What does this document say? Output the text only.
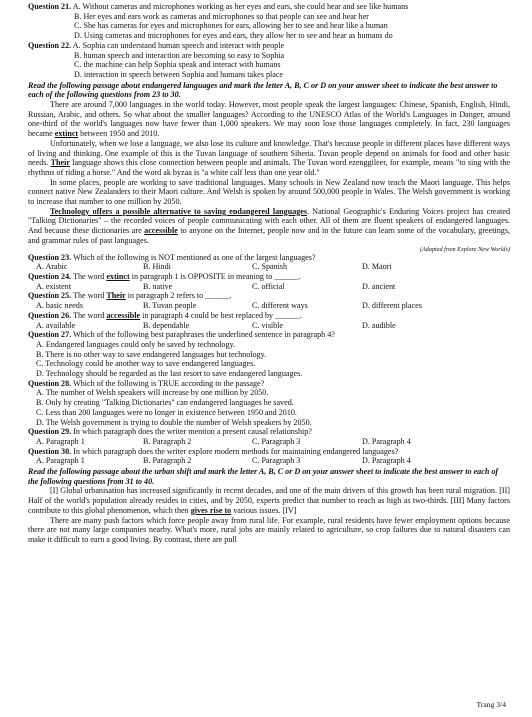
Question 21. A. Without cameras and microphones working as her eyes and ears, she could hear and see like humans
B. Her eyes and ears work as cameras and microphones so that people can see and hear her
C. She has cameras for eyes and microphones for ears, allowing her to see and hear like a human
D. Using cameras and microphones for eyes and ears, they allow her to see and hear as humans do
Question 22. A. Sophia can understand human speech and interact with people
B. human speech and interaction are becoming so easy to Sophia
C. the machine can help Sophia speak and interact with humans
D. interaction in speech between Sophia and humans takes place

Read the following passage about endangered languages and mark the letter A, B, C or D on your answer sheet to indicate the best answer to each of the following questions from 23 to 30.

There are around 7,000 languages in the world today. However, most people speak the largest languages: Chinese, Spanish, English, Hindi, Russian, Arabic, and others. So what about the smaller languages? According to the UNESCO Atlas of the World's Languages in Danger, around one-third of the world's languages now have fewer than 1,000 speakers. We may soon lose those languages completely. In fact, 230 languages became extinct between 1950 and 2010.

Unfortunately, when we lose a language, we also lose its culture and knowledge. That's because people in different places have different ways of living and thinking. One example of this is the Tuvan language of southern Siberia. Tuvan people depend on animals for food and other basic needs. Their language shows this close connection between people and animals. The Tuvan word ezenggileer, for example, means "to sing with the rhythms of riding a horse." And the word ak byzaa is "a white calf less than one year old."

In some places, people are working to save traditional languages. Many schools in New Zealand now teach the Maori language. This helps connect native New Zealanders to their Maori culture. And Welsh is spoken by around 500,000 people in Wales. The Welsh government is working to increase that number to one million by 2050.

Technology offers a possible alternative to saving endangered languages. National Geographic's Enduring Voices project has created "Talking Dictionaries" – the recorded voices of people communicating with each other. All of them are fluent speakers of endangered languages. And because these dictionaries are accessible to anyone on the Internet, people now and in the future can learn some of the vocabulary, greetings, and grammar rules of past languages.

(Adapted from Explore New Worlds)
Question 23. Which of the following is NOT mentioned as one of the largest languages?
A. Arabic	B. Hindi	C. Spanish	D. Maori
Question 24. The word extinct in paragraph 1 is OPPOSITE in meaning to ______.
A. existent	B. native	C. official	D. ancient
Question 25. The word Their in paragraph 2 refers to ______.
A. basic needs	B. Tuvan people	C. different ways	D. different places
Question 26. The word accessible in paragraph 4 could be best replaced by ______.
A. available	B. dependable	C. visible	D. audible
Question 27. Which of the following best paraphrases the underlined sentence in paragraph 4?
A. Endangered languages could only be saved by technology.
B. There is no other way to save endangered languages but technology.
C. Technology could be another way to save endangered languages.
D. Technology should be regarded as the last resort to save endangered languages.
Question 28. Which of the following is TRUE according to the passage?
A. The number of Welsh speakers will increase by one million by 2050.
B. Only by creating "Talking Dictionaries" can endangered languages be saved.
C. Less than 200 languages were no longer in existence between 1950 and 2010.
D. The Welsh government is trying to double the number of Welsh speakers by 2050.
Question 29. In which paragraph does the writer mention a present causal relationship?
A. Paragraph 1	B. Paragraph 2	C. Paragraph 3	D. Paragraph 4
Question 30. In which paragraph does the writer explore modern methods for maintaining endangered languages?
A. Paragraph 1	B. Paragraph 2	C. Paragraph 3	D. Paragraph 4

Read the following passage about the urban shift and mark the letter A, B, C or D on your answer sheet to indicate the best answer to each of the following questions from 31 to 40.

[I] Global urbanisation has increased significantly in recent decades, and one of the main drivers of this growth has been rural migration. [II] Half of the world's population already resides in cities, and by 2050, experts predict that number to reach as high as two-thirds. [III] Many factors contribute to this global phenomenon, which then gives rise to various issues. [IV]

There are many push factors which force people away from rural life. For example, rural residents have fewer employment options because there are not many large companies nearby. What's more, rural jobs are mainly related to agriculture, so crop failures due to natural disasters can make it difficult to earn a good living. By contrast, there are pull

Trang 3/4
